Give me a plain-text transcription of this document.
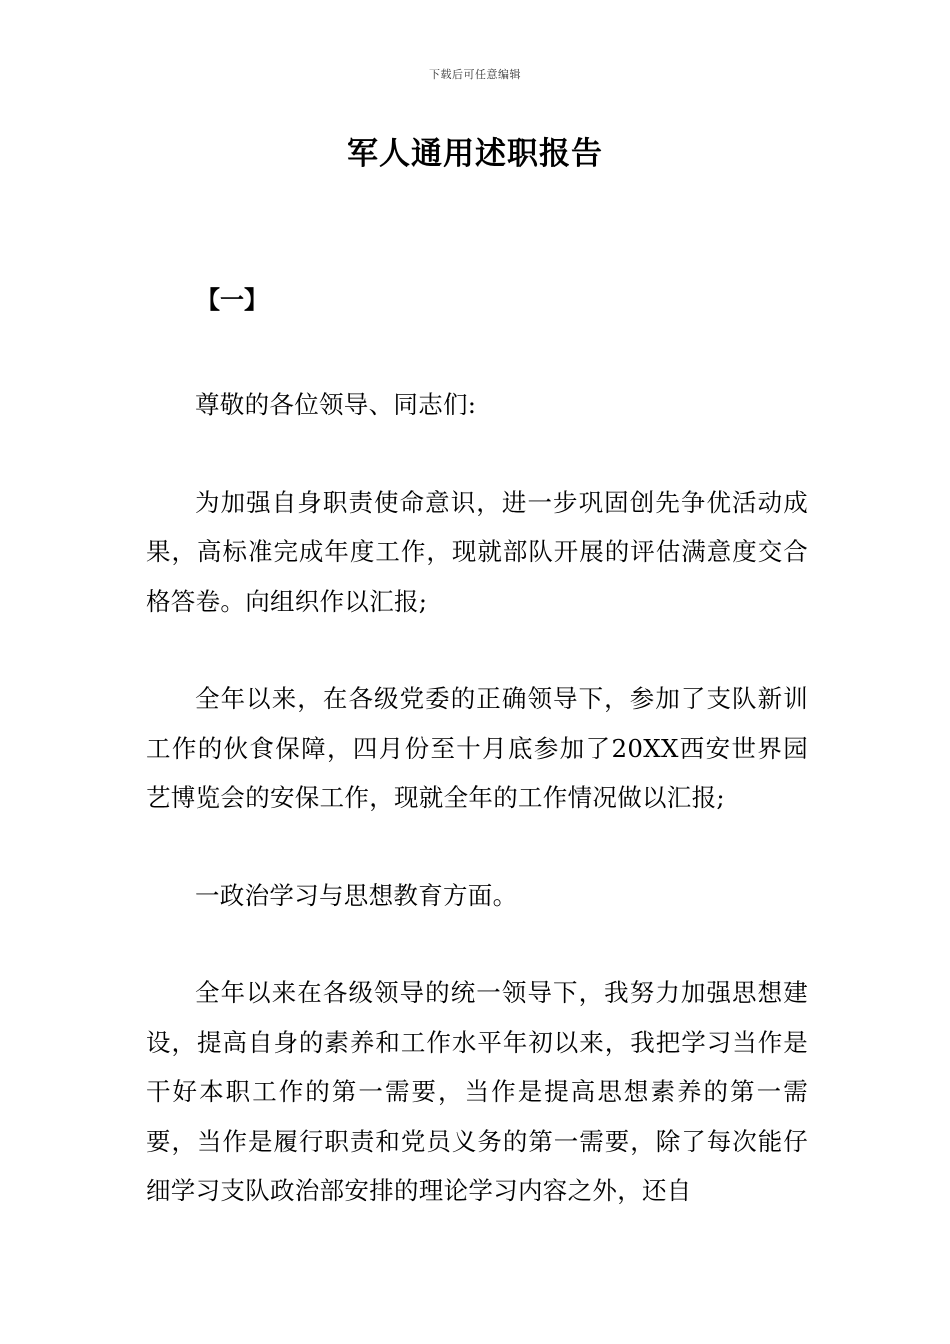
下载后可任意编辑
军人通用述职报告
【一】

尊敬的各位领导、同志们:

为加强自身职责使命意识，进一步巩固创先争优活动成果，高标准完成年度工作，现就部队开展的评估满意度交合格答卷。向组织作以汇报;

全年以来，在各级党委的正确领导下，参加了支队新训工作的伙食保障，四月份至十月底参加了20XX西安世界园艺博览会的安保工作，现就全年的工作情况做以汇报;

一政治学习与思想教育方面。

全年以来在各级领导的统一领导下，我努力加强思想建设，提高自身的素养和工作水平年初以来，我把学习当作是干好本职工作的第一需要，当作是提高思想素养的第一需要，当作是履行职责和党员义务的第一需要，除了每次能仔细学习支队政治部安排的理论学习内容之外，还自
